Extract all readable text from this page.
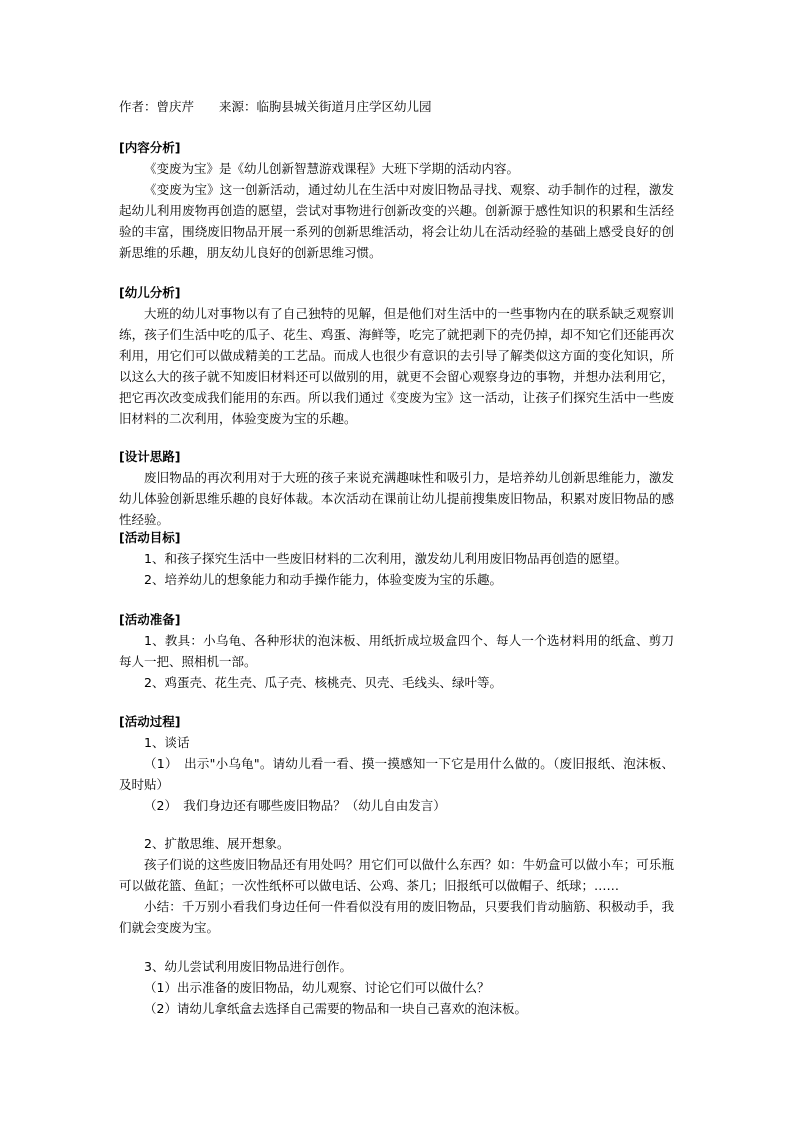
作者：曾庆芹　　来源：临朐县城关街道月庄学区幼儿园

[内容分析]

《变废为宝》是《幼儿创新智慧游戏课程》大班下学期的活动内容。

《变废为宝》这一创新活动，通过幼儿在生活中对废旧物品寻找、观察、动手制作的过程，激发起幼儿利用废物再创造的愿望，尝试对事物进行创新改变的兴趣。创新源于感性知识的积累和生活经验的丰富，围绕废旧物品开展一系列的创新思维活动，将会让幼儿在活动经验的基础上感受良好的创新思维的乐趣，朋友幼儿良好的创新思维习惯。

[幼儿分析]

大班的幼儿对事物以有了自己独特的见解，但是他们对生活中的一些事物内在的联系缺乏观察训练，孩子们生活中吃的瓜子、花生、鸡蛋、海鲜等，吃完了就把剥下的壳仍掉，却不知它们还能再次利用，用它们可以做成精美的工艺品。而成人也很少有意识的去引导了解类似这方面的变化知识，所以这么大的孩子就不知废旧材料还可以做别的用，就更不会留心观察身边的事物，并想办法利用它，把它再次改变成我们能用的东西。所以我们通过《变废为宝》这一活动，让孩子们探究生活中一些废旧材料的二次利用，体验变废为宝的乐趣。

[设计思路]

废旧物品的再次利用对于大班的孩子来说充满趣味性和吸引力，是培养幼儿创新思维能力，激发幼儿体验创新思维乐趣的良好体裁。本次活动在课前让幼儿提前搜集废旧物品，积累对废旧物品的感性经验。

[活动目标]

1、和孩子探究生活中一些废旧材料的二次利用，激发幼儿利用废旧物品再创造的愿望。

2、培养幼儿的想象能力和动手操作能力，体验变废为宝的乐趣。

[活动准备]

1、教具：小乌龟、各种形状的泡沫板、用纸折成垃圾盒四个、每人一个选材料用的纸盒、剪刀每人一把、照相机一部。

2、鸡蛋壳、花生壳、瓜子壳、核桃壳、贝壳、毛线头、绿叶等。

[活动过程]

1、谈话

（1）　出示"小乌龟"。请幼儿看一看、摸一摸感知一下它是用什么做的。（废旧报纸、泡沫板、及时贴）

（2）　我们身边还有哪些废旧物品？（幼儿自由发言）

2、扩散思维、展开想象。

孩子们说的这些废旧物品还有用处吗？用它们可以做什么东西？如：牛奶盒可以做小车；可乐瓶可以做花篮、鱼缸；一次性纸杯可以做电话、公鸡、茶几；旧报纸可以做帽子、纸球；……

小结：千万别小看我们身边任何一件看似没有用的废旧物品，只要我们肯动脑筋、积极动手，我们就会变废为宝。

3、幼儿尝试利用废旧物品进行创作。

（1）出示准备的废旧物品，幼儿观察、讨论它们可以做什么？

（2）请幼儿拿纸盒去选择自己需要的物品和一块自己喜欢的泡沫板。
